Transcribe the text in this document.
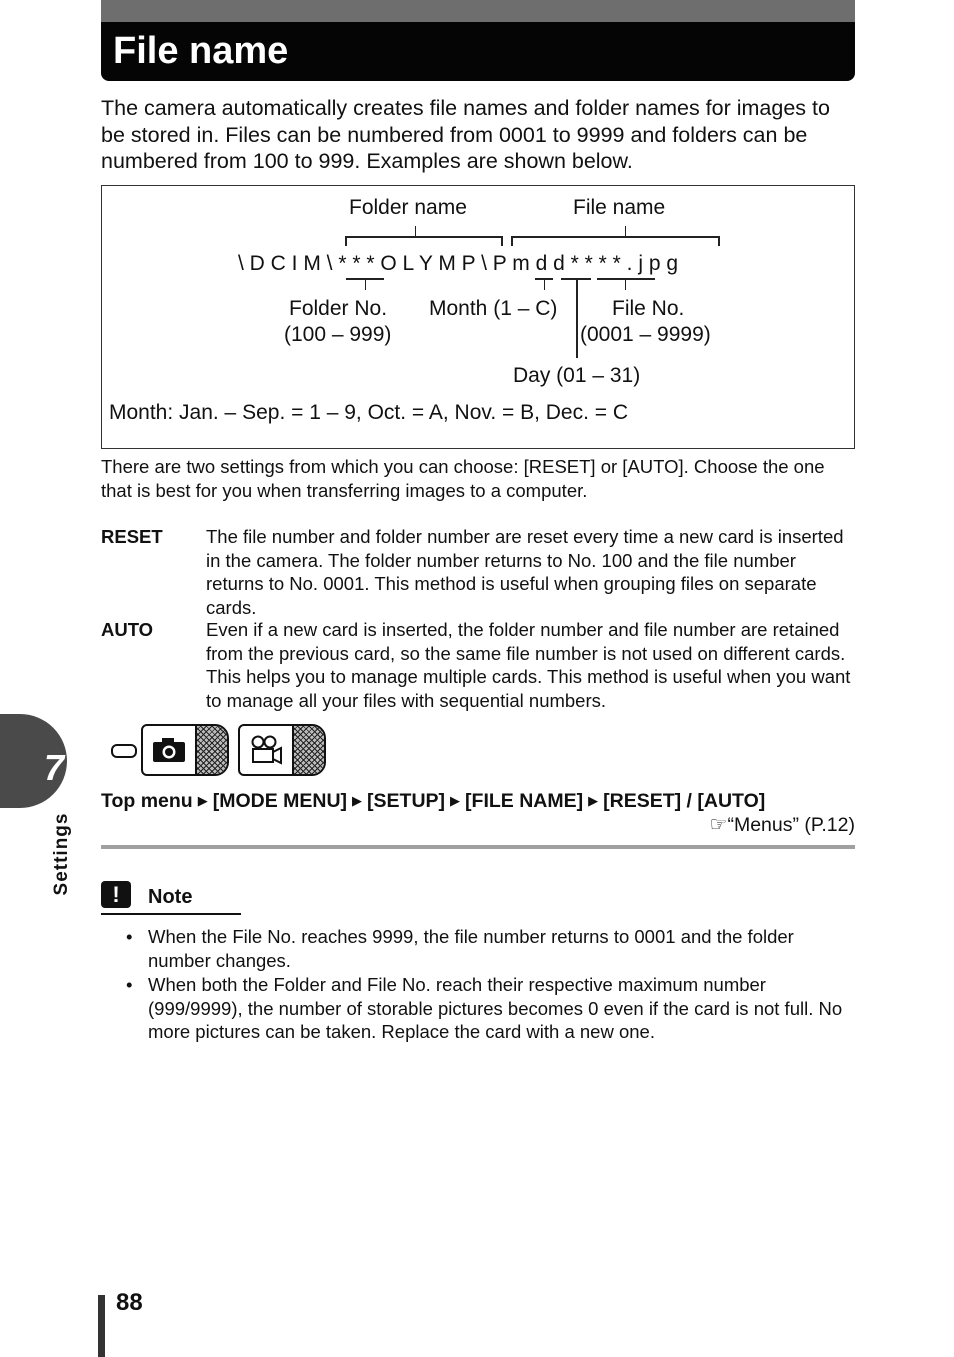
File name
The camera automatically creates file names and folder names for images to be stored in. Files can be numbered from 0001 to 9999 and folders can be numbered from 100 to 999. Examples are shown below.
Folder name	File name
\ D C I M \ * * * O L Y M P \ P m d d * * * * . j p g
Folder No.
(100 – 999)
Month (1 – C)	File No.
(0001 – 9999)
Day (01 – 31)
Month: Jan. – Sep. = 1 – 9, Oct. = A, Nov. = B, Dec. = C
There are two settings from which you can choose: [RESET] or [AUTO]. Choose the one that is best for you when transferring images to a computer.
RESET The file number and folder number are reset every time a new card is inserted in the camera. The folder number returns to No. 100 and the file number returns to No. 0001. This method is useful when grouping files on separate cards.
AUTO	Even if a new card is inserted, the folder number and file number are retained from the previous card, so the same file number is not used on different cards. This helps you to manage multiple cards. This method is useful when you want to manage all your files with sequential numbers.
7
Settings
Top menu ▶ [MODE MENU] ▶ [SETUP] ▶ [FILE NAME] ▶ [RESET] / [AUTO]
☞“Menus” (P.12)
!	Note
• When the File No. reaches 9999, the file number returns to 0001 and the folder number changes.
• When both the Folder and File No. reach their respective maximum number (999/9999), the number of storable pictures becomes 0 even if the card is not full. No more pictures can be taken. Replace the card with a new one.
88
